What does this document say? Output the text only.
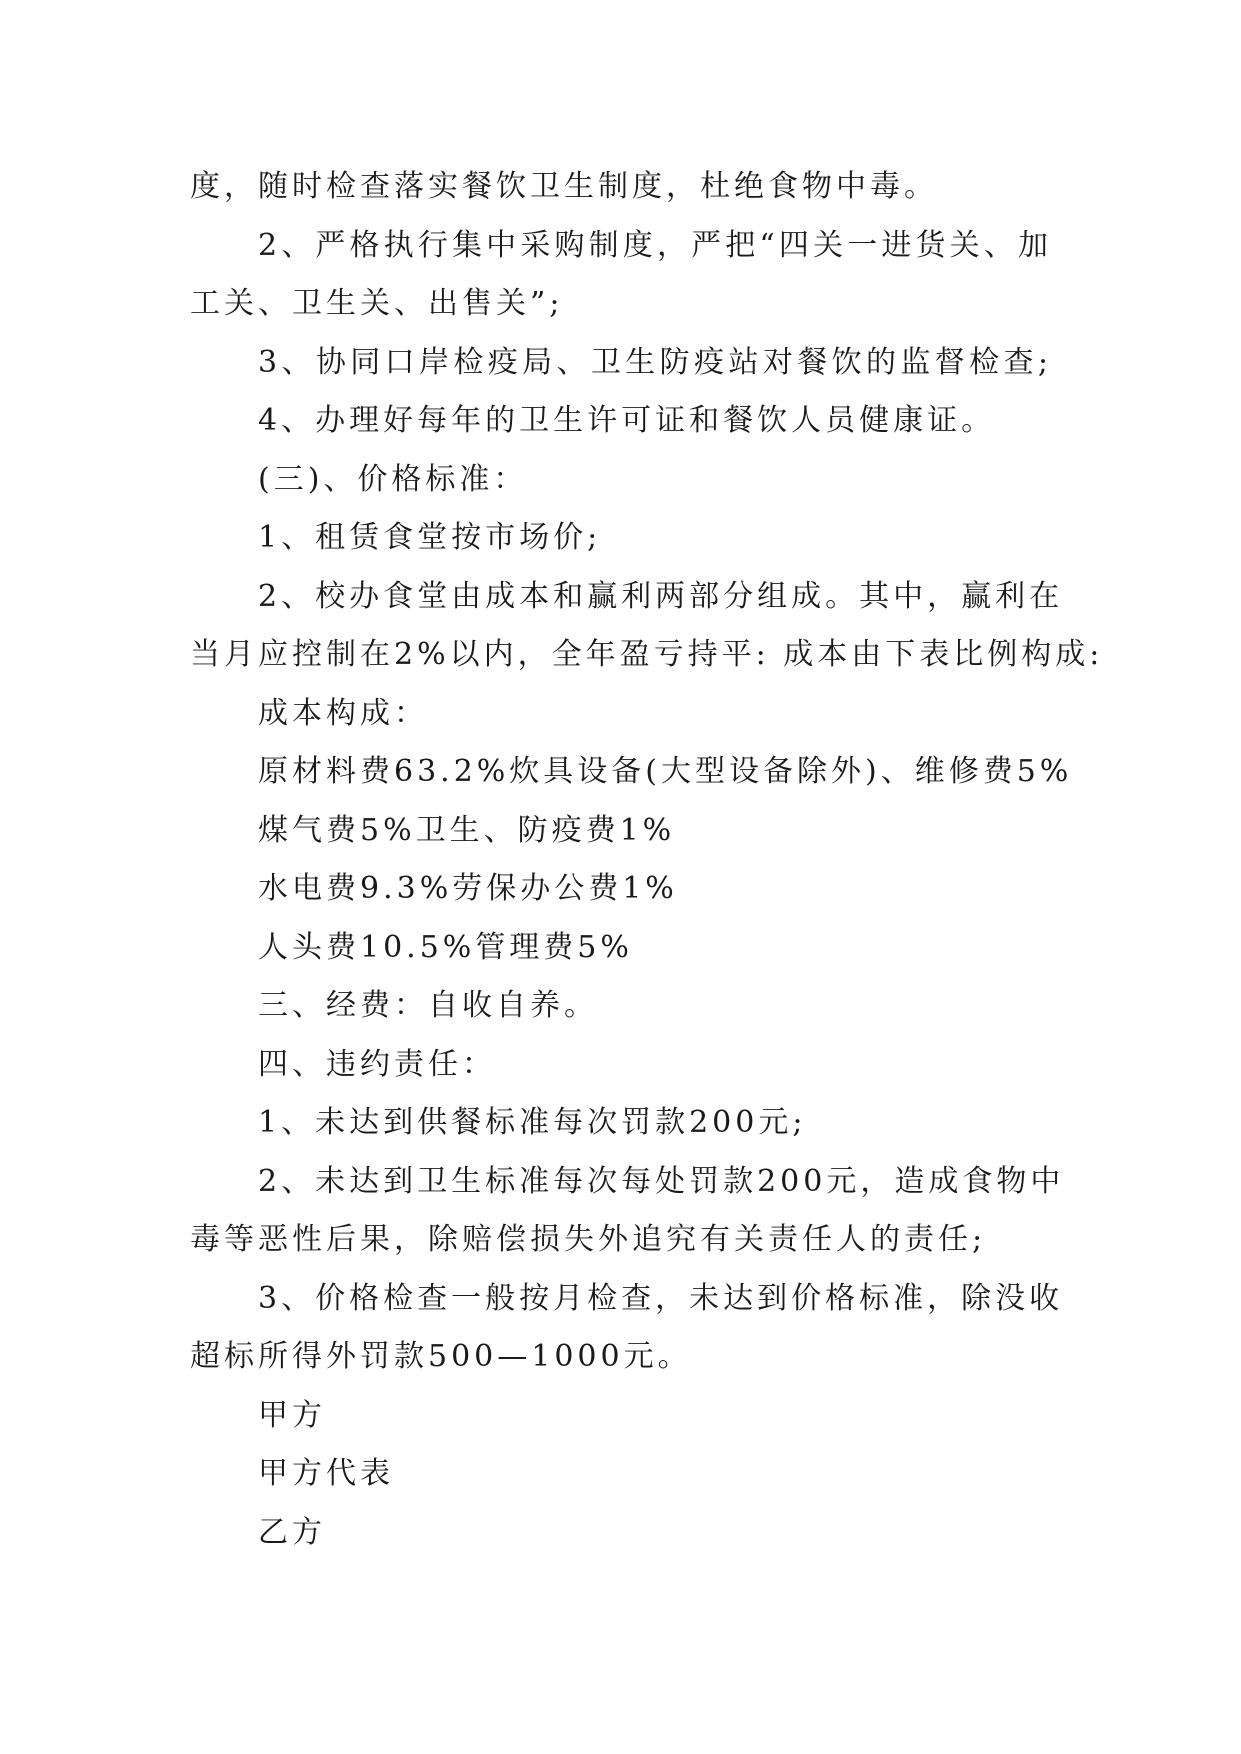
度，随时检查落实餐饮卫生制度，杜绝食物中毒。
2、严格执行集中采购制度，严把“四关一进货关、加
工关、卫生关、出售关”;
3、协同口岸检疫局、卫生防疫站对餐饮的监督检查;
4、办理好每年的卫生许可证和餐饮人员健康证。
(三)、价格标准：
1、租赁食堂按市场价;
2、校办食堂由成本和赢利两部分组成。其中，赢利在
当月应控制在2%以内，全年盈亏持平: 成本由下表比例构成:
成本构成：
原材料费63.2%炊具设备(大型设备除外)、维修费5%
煤气费5%卫生、防疫费1%
水电费9.3%劳保办公费1%
人头费10.5%管理费5%
三、经费：自收自养。
四、违约责任：
1、未达到供餐标准每次罚款200元;
2、未达到卫生标准每次每处罚款200元，造成食物中
毒等恶性后果，除赔偿损失外追究有关责任人的责任;
3、价格检查一般按月检查，未达到价格标准，除没收
超标所得外罚款500—1000元。
甲方
甲方代表
乙方
